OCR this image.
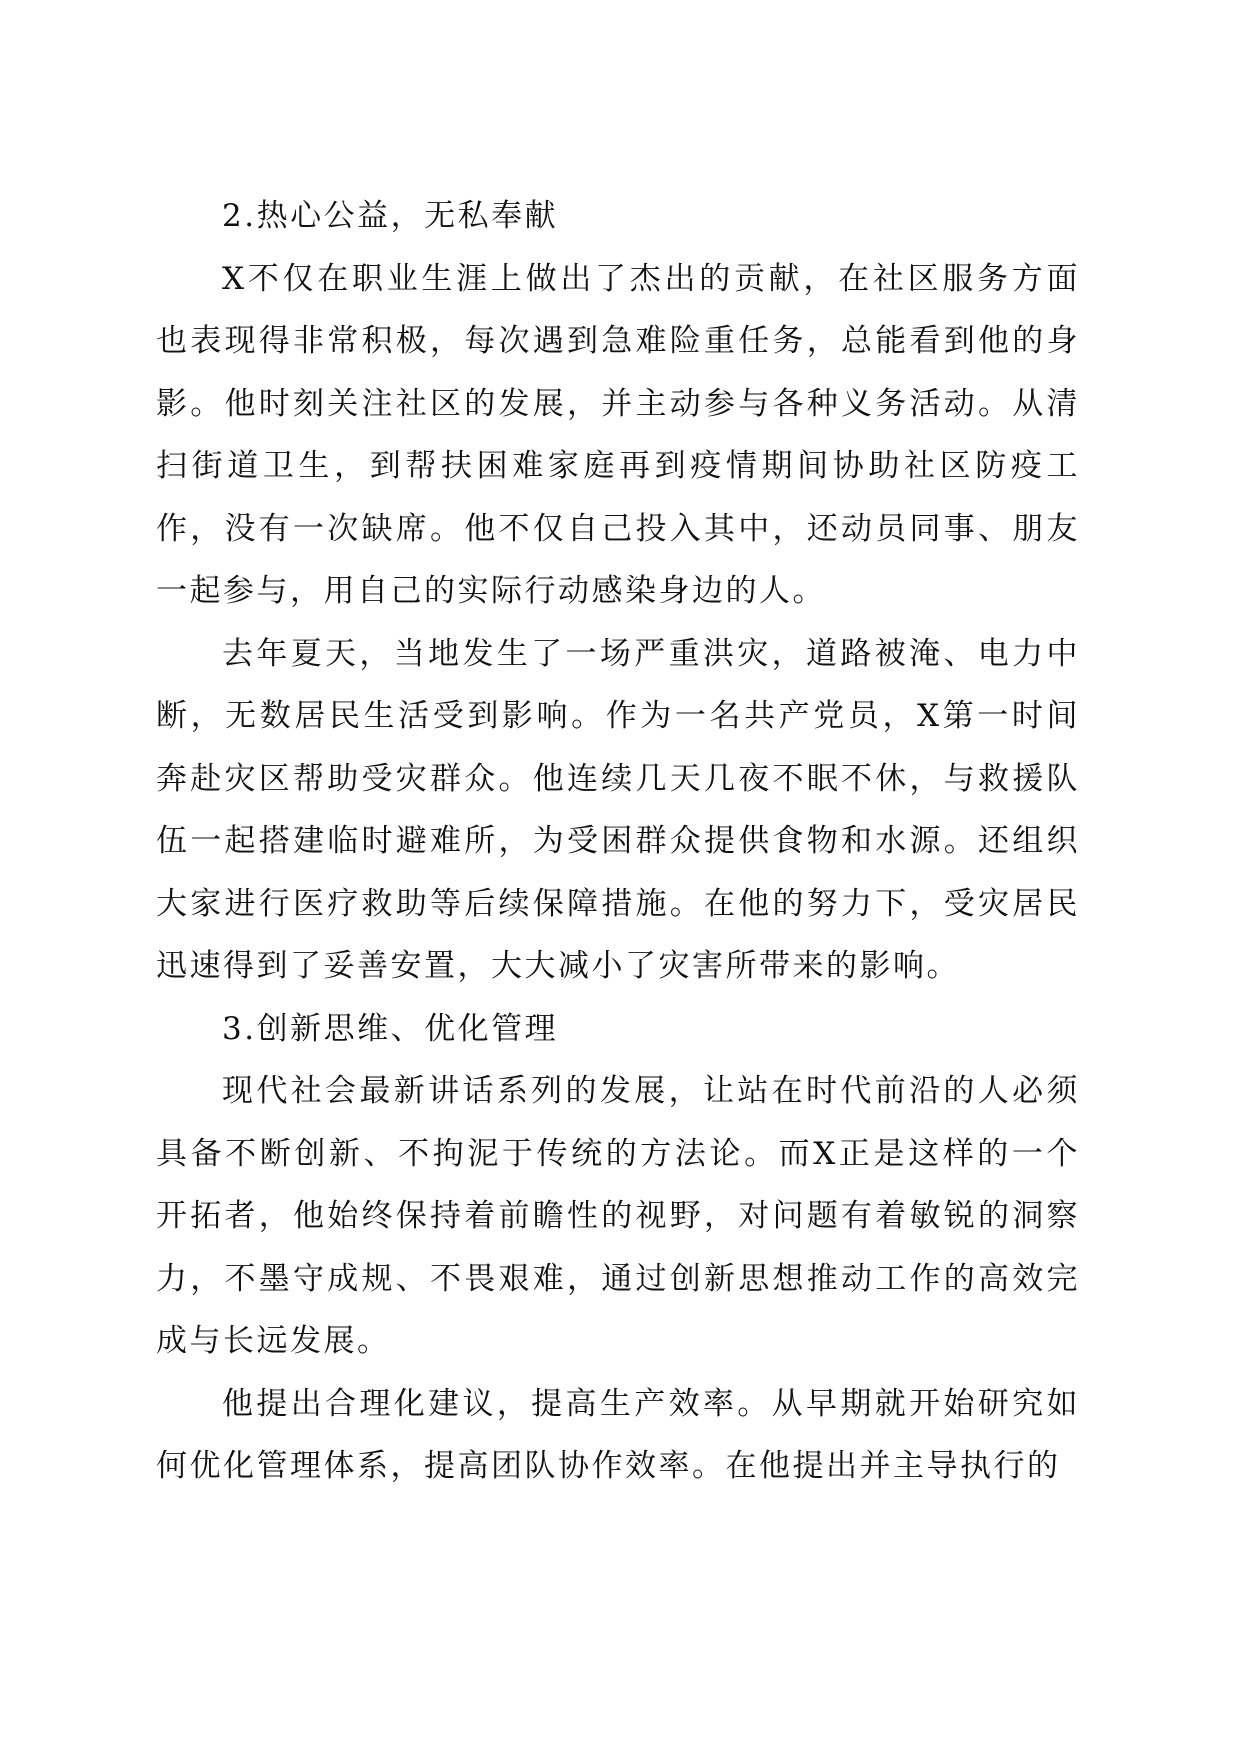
2.热心公益，无私奉献

X不仅在职业生涯上做出了杰出的贡献，在社区服务方面也表现得非常积极，每次遇到急难险重任务，总能看到他的身影。他时刻关注社区的发展，并主动参与各种义务活动。从清扫街道卫生，到帮扶困难家庭再到疫情期间协助社区防疫工作，没有一次缺席。他不仅自己投入其中，还动员同事、朋友一起参与，用自己的实际行动感染身边的人。

去年夏天，当地发生了一场严重洪灾，道路被淹、电力中断，无数居民生活受到影响。作为一名共产党员，X第一时间奔赴灾区帮助受灾群众。他连续几天几夜不眠不休，与救援队伍一起搭建临时避难所，为受困群众提供食物和水源。还组织大家进行医疗救助等后续保障措施。在他的努力下，受灾居民迅速得到了妥善安置，大大减小了灾害所带来的影响。

3.创新思维、优化管理

现代社会最新讲话系列的发展，让站在时代前沿的人必须具备不断创新、不拘泥于传统的方法论。而X正是这样的一个开拓者，他始终保持着前瞻性的视野，对问题有着敏锐的洞察力，不墨守成规、不畏艰难，通过创新思想推动工作的高效完成与长远发展。

他提出合理化建议，提高生产效率。从早期就开始研究如何优化管理体系，提高团队协作效率。在他提出并主导执行的
